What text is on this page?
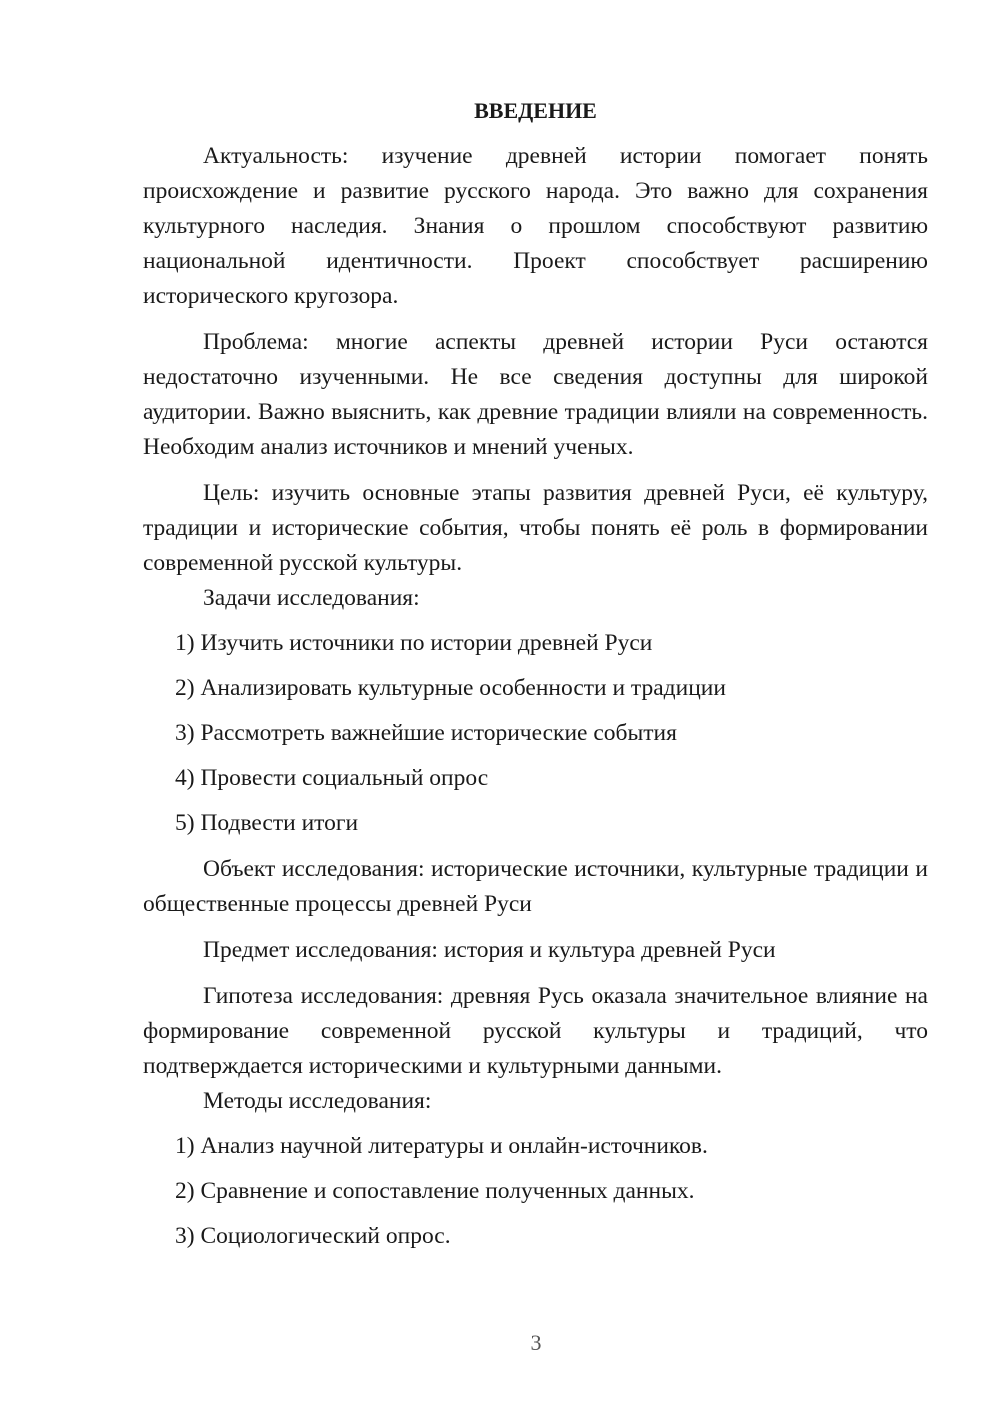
ВВЕДЕНИЕ

Актуальность: изучение древней истории помогает понять происхождение и развитие русского народа. Это важно для сохранения культурного наследия. Знания о прошлом способствуют развитию национальной идентичности. Проект способствует расширению исторического кругозора.

Проблема: многие аспекты древней истории Руси остаются недостаточно изученными. Не все сведения доступны для широкой аудитории. Важно выяснить, как древние традиции влияли на современность. Необходим анализ источников и мнений ученых.

Цель: изучить основные этапы развития древней Руси, её культуру, традиции и исторические события, чтобы понять её роль в формировании современной русской культуры.

Задачи исследования:

1) Изучить источники по истории древней Руси

2) Анализировать культурные особенности и традиции

3) Рассмотреть важнейшие исторические события

4) Провести социальный опрос

5) Подвести итоги

Объект исследования: исторические источники, культурные традиции и общественные процессы древней Руси

Предмет исследования: история и культура древней Руси

Гипотеза исследования: древняя Русь оказала значительное влияние на формирование современной русской культуры и традиций, что подтверждается историческими и культурными данными.

Методы исследования:

1) Анализ научной литературы и онлайн-источников.

2) Сравнение и сопоставление полученных данных.

3) Социологический опрос.

3
